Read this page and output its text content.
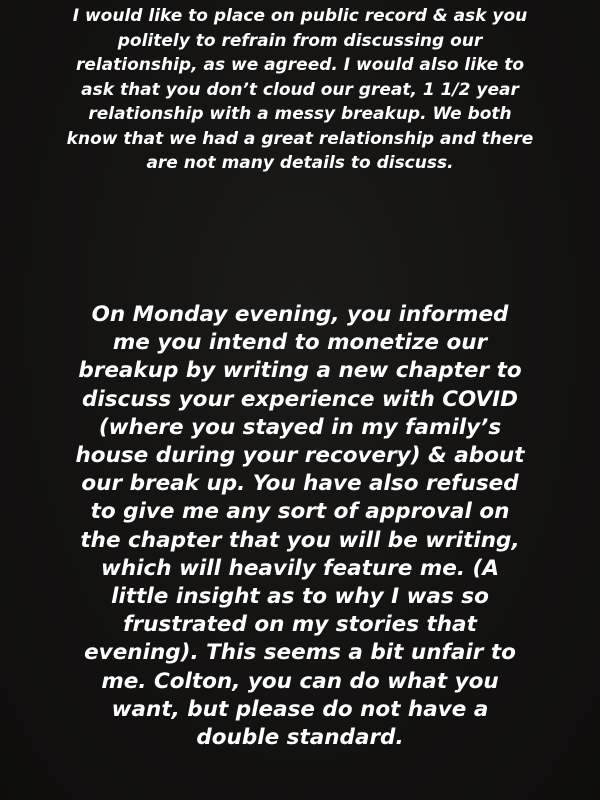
I would like to place on public record & ask you
politely to refrain from discussing our
relationship, as we agreed. I would also like to
ask that you don’t cloud our great, 1 1/2 year
relationship with a messy breakup. We both
know that we had a great relationship and there
are not many details to discuss.

On Monday evening, you informed
me you intend to monetize our
breakup by writing a new chapter to
discuss your experience with COVID
(where you stayed in my family’s
house during your recovery) & about
our break up. You have also refused
to give me any sort of approval on
the chapter that you will be writing,
which will heavily feature me. (A
little insight as to why I was so
frustrated on my stories that
evening). This seems a bit unfair to
me. Colton, you can do what you
want, but please do not have a
double standard.
